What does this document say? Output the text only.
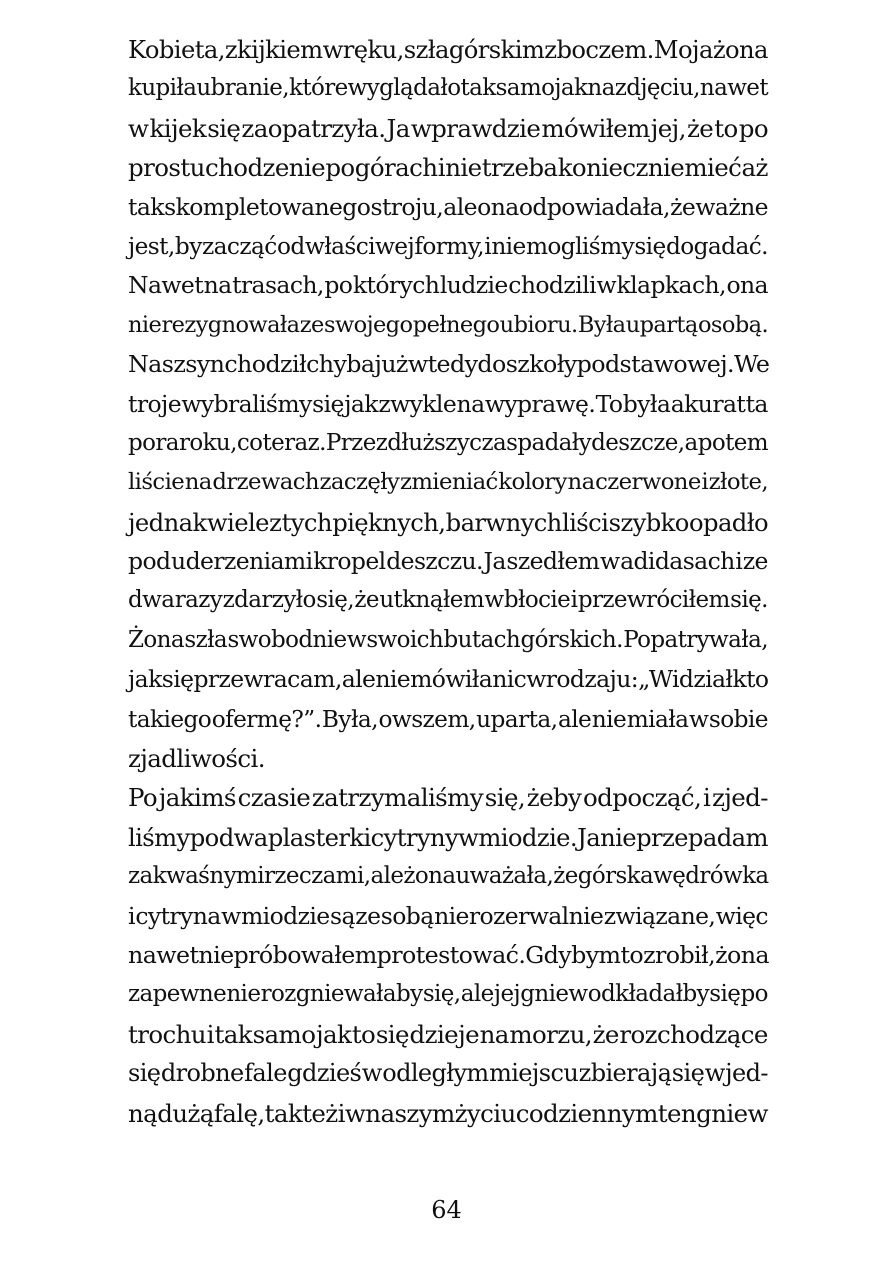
Kobieta, z kijkiem w ręku, szła górskim zboczem. Moja żona
kupiła ubranie, które wyglądało tak samo jak na zdjęciu, nawet
w kijek się zaopatrzyła. Ja wprawdzie mówiłem jej, że to po
prostu chodzenie po górach i nie trzeba koniecznie mieć aż
tak skompletowanego stroju, ale ona odpowiadała, że ważne
jest, by zacząć od właściwej formy, i nie mogliśmy się dogadać.
Nawet na trasach, po których ludzie chodzili w klapkach, ona
nie rezygnowała ze swojego pełnego ubioru. Była upartą osobą.
Nasz syn chodził chyba już wtedy do szkoły podstawowej. We
troje wybraliśmy się jak zwykle na wyprawę. To była akurat ta
pora roku, co teraz. Przez dłuższy czas padały deszcze, a potem
liście na drzewach zaczęły zmieniać kolory na czerwone i złote,
jednak wiele z tych pięknych, barwnych liści szybko opadło
pod uderzeniami kropel deszczu. Ja szedłem w adidasach i ze
dwa razy zdarzyło się, że utknąłem w błocie i przewróciłem się.
Żona szła swobodnie w swoich butach górskich. Popatrywała,
jak się przewracam, ale nie mówiła nic w rodzaju: „Widział kto
takiego ofermę?”. Była, owszem, uparta, ale nie miała w sobie
zjadliwości.
Po jakimś czasie zatrzymaliśmy się, żeby odpocząć, i zjed-
liśmy po dwa plasterki cytryny w miodzie. Ja nie przepadam
za kwaśnymi rzeczami, ale żona uważała, że górska wędrówka
i cytryna w miodzie są ze sobą nierozerwalnie związane, więc
nawet nie próbowałem protestować. Gdybym to zrobił, żona
zapewne nie rozgniewałaby się, ale jej gniew odkładałby się po
trochu i tak samo jak to się dzieje na morzu, że rozchodzące
się drobne fale gdzieś w odległym miejscu zbierają się w jed-
ną dużą falę, tak też i w naszym życiu codziennym ten gniew
64
